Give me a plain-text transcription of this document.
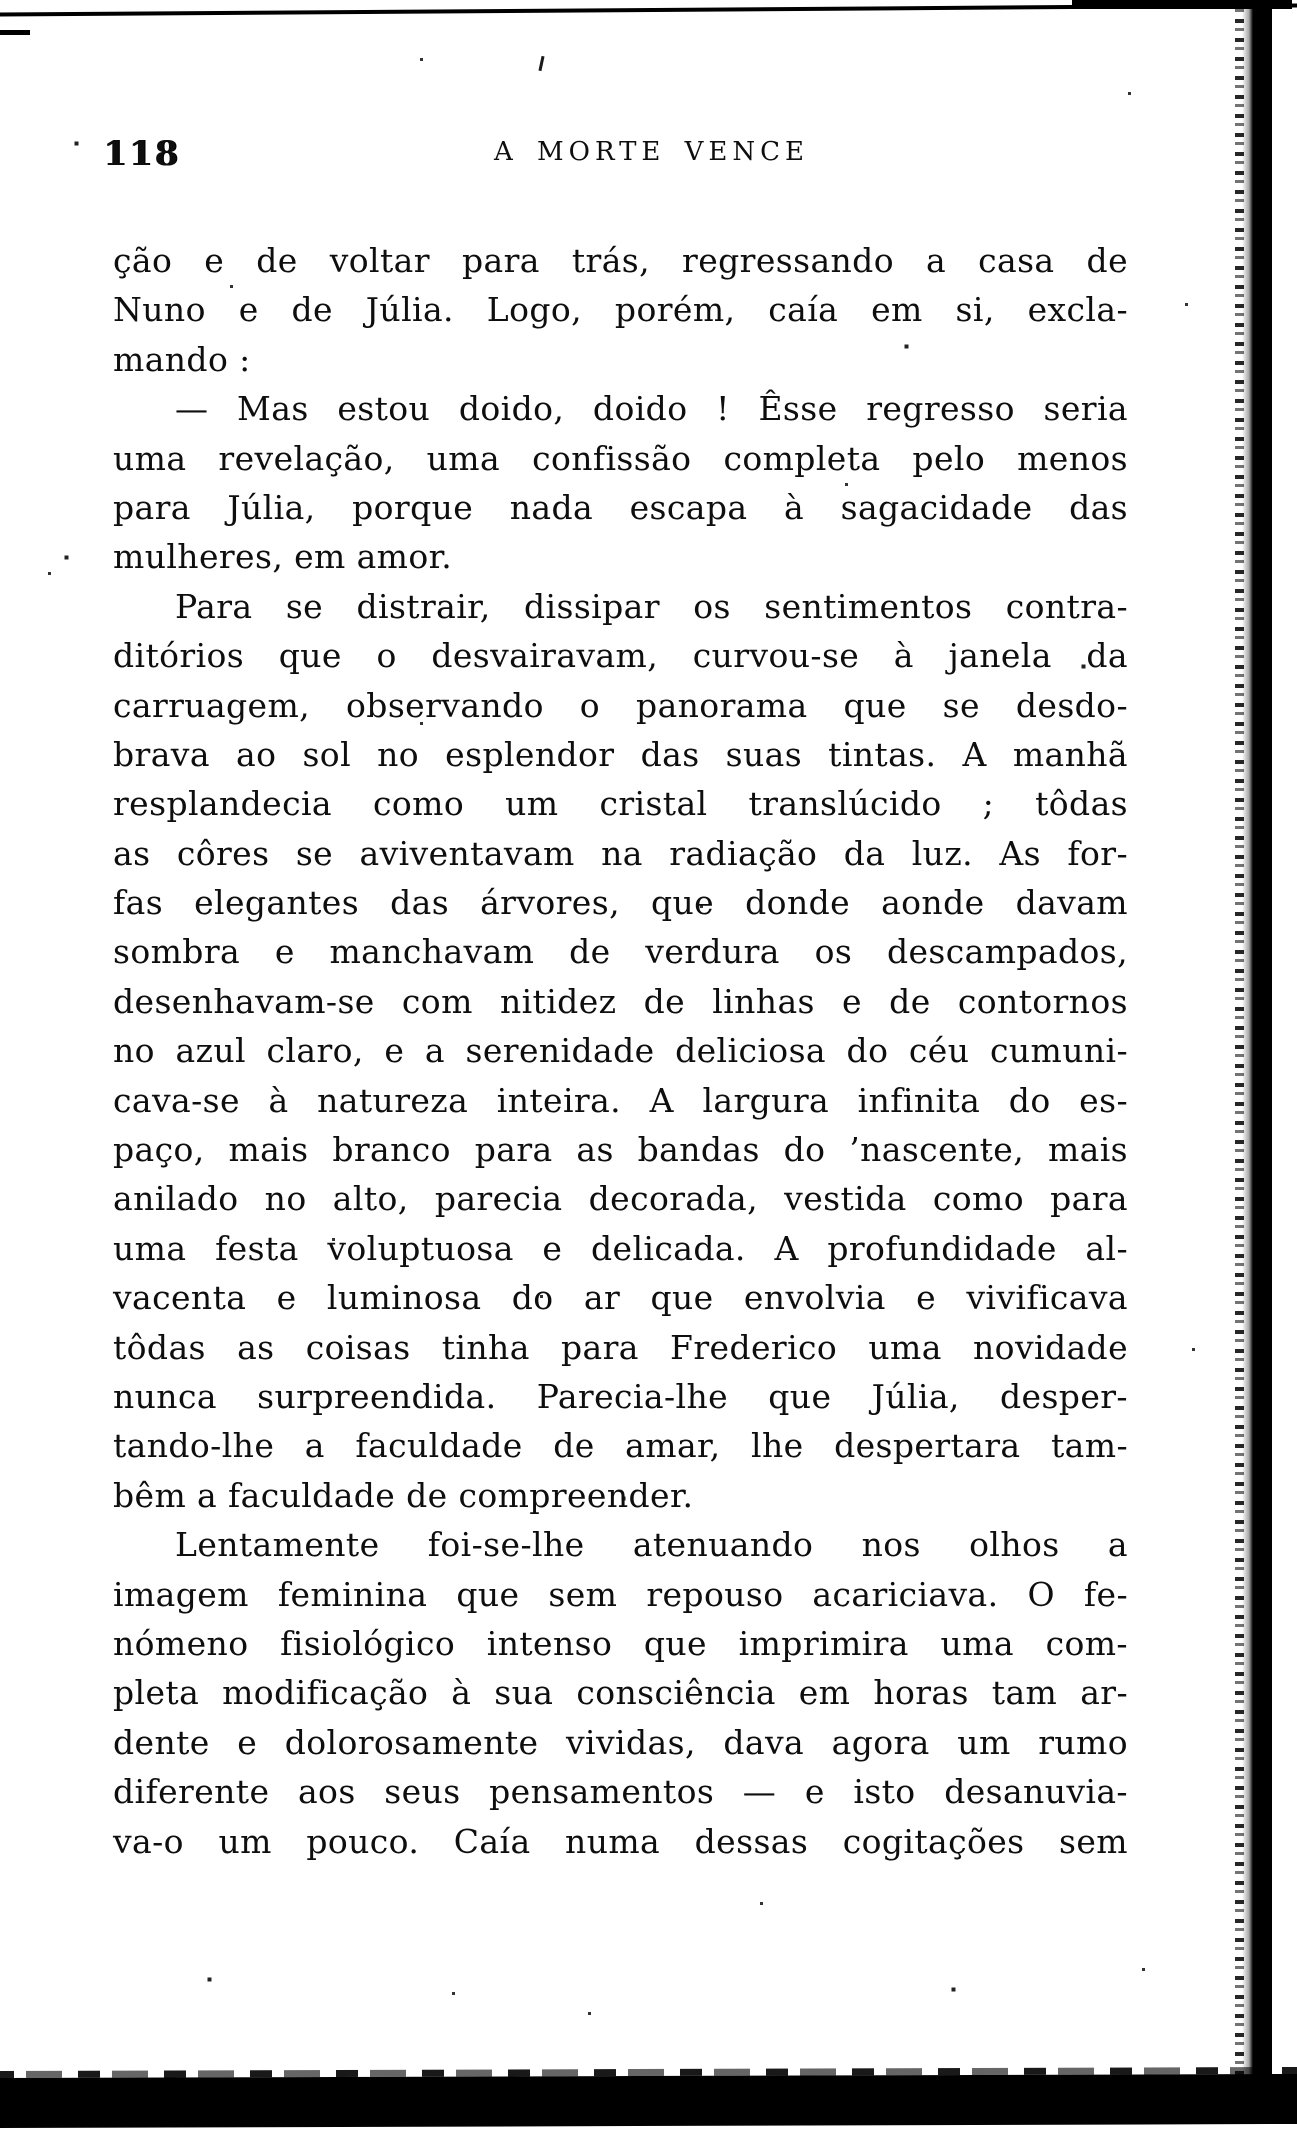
118	A MORTE VENCE
ção e de voltar para trás, regressando a casa de
Nuno e de Júlia. Logo, porém, caía em si, excla-
mando :
— Mas estou doido, doido ! Êsse regresso seria
uma revelação, uma confissão completa pelo menos
para Júlia, porque nada escapa à sagacidade das
mulheres, em amor.
Para se distrair, dissipar os sentimentos contra-
ditórios que o desvairavam, curvou-se à janela da
carruagem, observando o panorama que se desdo-
brava ao sol no esplendor das suas tintas. A manhã
resplandecia como um cristal translúcido ; tôdas
as côres se aviventavam na radiação da luz. As for-
fas elegantes das árvores, que donde aonde davam
sombra e manchavam de verdura os descampados,
desenhavam-se com nitidez de linhas e de contornos
no azul claro, e a serenidade deliciosa do céu cumuni-
cava-se à natureza inteira. A largura infinita do es-
paço, mais branco para as bandas do ’nascente, mais
anilado no alto, parecia decorada, vestida como para
uma festa voluptuosa e delicada. A profundidade al-
vacenta e luminosa do ar que envolvia e vivificava
tôdas as coisas tinha para Frederico uma novidade
nunca surpreendida. Parecia-lhe que Júlia, desper-
tando-lhe a faculdade de amar, lhe despertara tam-
bêm a faculdade de compreender.
Lentamente foi-se-lhe atenuando nos olhos a
imagem feminina que sem repouso acariciava. O fe-
nómeno fisiológico intenso que imprimira uma com-
pleta modificação à sua consciência em horas tam ar-
dente e dolorosamente vividas, dava agora um rumo
diferente aos seus pensamentos — e isto desanuvia-
va-o um pouco. Caía numa dessas cogitações sem
